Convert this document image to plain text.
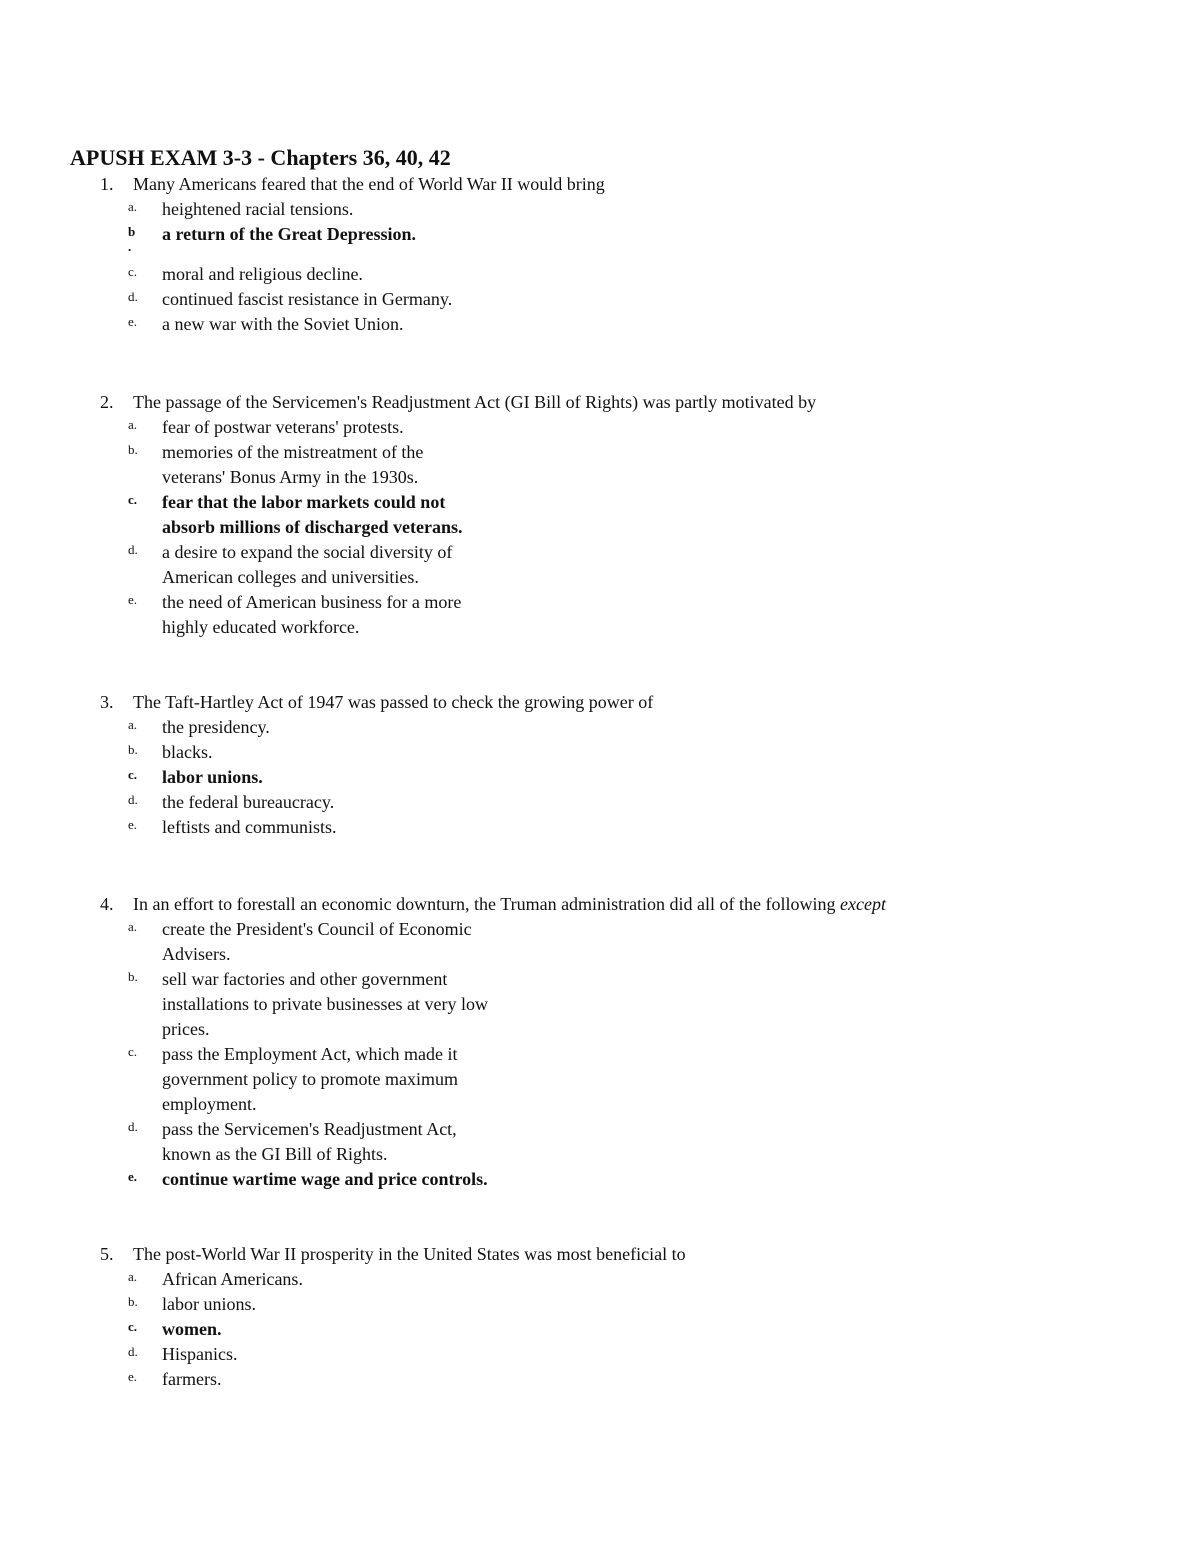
APUSH EXAM 3-3 - Chapters 36, 40, 42
1. Many Americans feared that the end of World War II would bring
a. heightened racial tensions.
b a return of the Great Depression.
.
c. moral and religious decline.
d. continued fascist resistance in Germany.
e. a new war with the Soviet Union.
2. The passage of the Servicemen's Readjustment Act (GI Bill of Rights) was partly motivated by
a. fear of postwar veterans' protests.
b. memories of the mistreatment of the
veterans' Bonus Army in the 1930s.
c. fear that the labor markets could not
absorb millions of discharged veterans.
d. a desire to expand the social diversity of
American colleges and universities.
e. the need of American business for a more
highly educated workforce.
3. The Taft-Hartley Act of 1947 was passed to check the growing power of
a. the presidency.
b. blacks.
c. labor unions.
d. the federal bureaucracy.
e. leftists and communists.
4. In an effort to forestall an economic downturn, the Truman administration did all of the following except
a. create the President's Council of Economic
Advisers.
b. sell war factories and other government
installations to private businesses at very low
prices.
c. pass the Employment Act, which made it
government policy to promote maximum
employment.
d. pass the Servicemen's Readjustment Act,
known as the GI Bill of Rights.
e. continue wartime wage and price controls.
5. The post-World War II prosperity in the United States was most beneficial to
a. African Americans.
b. labor unions.
c. women.
d. Hispanics.
e. farmers.
